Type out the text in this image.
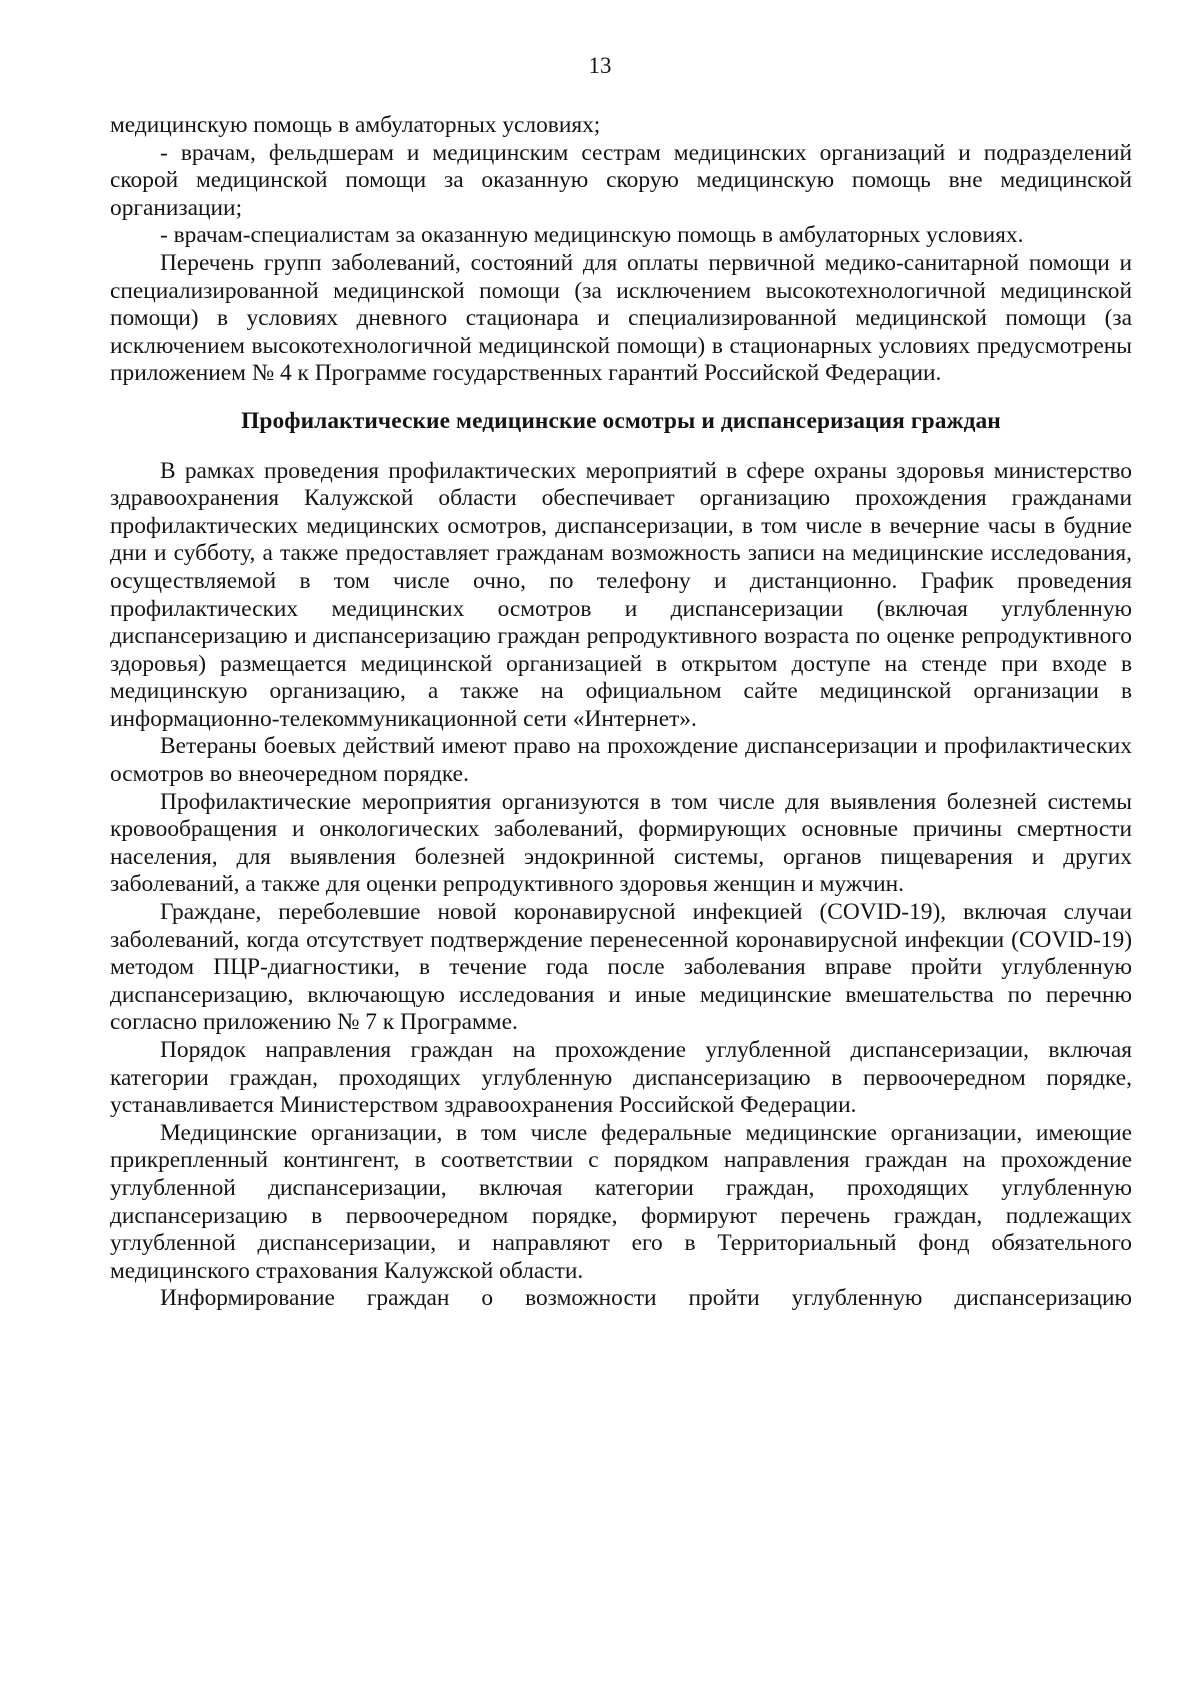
13

медицинскую помощь в амбулаторных условиях;

- врачам, фельдшерам и медицинским сестрам медицинских организаций и подразделений скорой медицинской помощи за оказанную скорую медицинскую помощь вне медицинской организации;

- врачам-специалистам за оказанную медицинскую помощь в амбулаторных условиях.

Перечень групп заболеваний, состояний для оплаты первичной медико-санитарной помощи и специализированной медицинской помощи (за исключением высокотехнологичной медицинской помощи) в условиях дневного стационара и специализированной медицинской помощи (за исключением высокотехнологичной медицинской помощи) в стационарных условиях предусмотрены приложением № 4 к Программе государственных гарантий Российской Федерации.

Профилактические медицинские осмотры и диспансеризация граждан

В рамках проведения профилактических мероприятий в сфере охраны здоровья министерство здравоохранения Калужской области обеспечивает организацию прохождения гражданами профилактических медицинских осмотров, диспансеризации, в том числе в вечерние часы в будние дни и субботу, а также предоставляет гражданам возможность записи на медицинские исследования, осуществляемой в том числе очно, по телефону и дистанционно. График проведения профилактических медицинских осмотров и диспансеризации (включая углубленную диспансеризацию и диспансеризацию граждан репродуктивного возраста по оценке репродуктивного здоровья) размещается медицинской организацией в открытом доступе на стенде при входе в медицинскую организацию, а также на официальном сайте медицинской организации в информационно-телекоммуникационной сети «Интернет».

Ветераны боевых действий имеют право на прохождение диспансеризации и профилактических осмотров во внеочередном порядке.

Профилактические мероприятия организуются в том числе для выявления болезней системы кровообращения и онкологических заболеваний, формирующих основные причины смертности населения, для выявления болезней эндокринной системы, органов пищеварения и других заболеваний, а также для оценки репродуктивного здоровья женщин и мужчин.

Граждане, переболевшие новой коронавирусной инфекцией (COVID-19), включая случаи заболеваний, когда отсутствует подтверждение перенесенной коронавирусной инфекции (COVID-19) методом ПЦР-диагностики, в течение года после заболевания вправе пройти углубленную диспансеризацию, включающую исследования и иные медицинские вмешательства по перечню согласно приложению № 7 к Программе.

Порядок направления граждан на прохождение углубленной диспансеризации, включая категории граждан, проходящих углубленную диспансеризацию в первоочередном порядке, устанавливается Министерством здравоохранения Российской Федерации.

Медицинские организации, в том числе федеральные медицинские организации, имеющие прикрепленный контингент, в соответствии с порядком направления граждан на прохождение углубленной диспансеризации, включая категории граждан, проходящих углубленную диспансеризацию в первоочередном порядке, формируют перечень граждан, подлежащих углубленной диспансеризации, и направляют его в Территориальный фонд обязательного медицинского страхования Калужской области.

Информирование граждан о возможности пройти углубленную диспансеризацию
